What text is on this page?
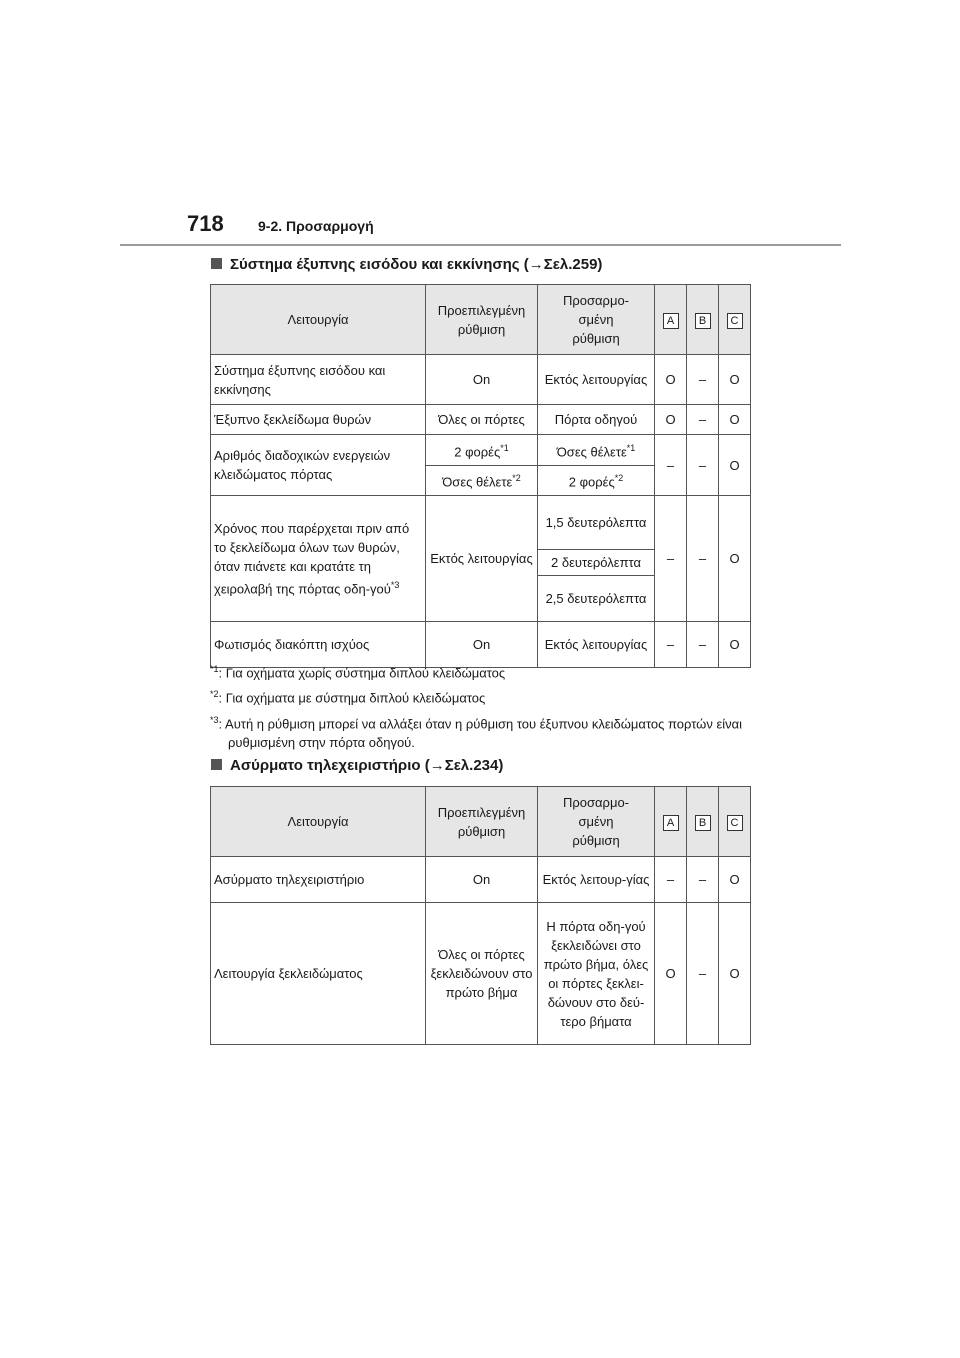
718 9-2. Προσαρμογή
Σύστημα έξυπνης εισόδου και εκκίνησης (→Σελ.259)
Λειτουργία	Προεπιλεγμένη ρύθμιση	Προσαρμο-
σμένη
ρύθμιση	A	B	C
Σύστημα έξυπνης εισόδου και εκκίνησης	On	Εκτός λειτουργίας	O	–	O
Έξυπνο ξεκλείδωμα θυρών	Όλες οι πόρτες	Πόρτα οδηγού	O	–	O
Αριθμός διαδοχικών ενεργειών κλειδώματος πόρτας	2 φορές$^{*1}$	Όσες θέλετε$^{*1}$	–	–	O
	Όσες θέλετε$^{*2}$	2 φορές$^{*2}$
Χρόνος που παρέρχεται πριν από το ξεκλείδωμα όλων των θυρών, όταν πιάνετε και κρατάτε τη χειρολαβή της πόρτας οδη-γού$^{*3}$	Εκτός λειτουργίας	1,5 δευτερόλεπτα	–	–	O
		2 δευτερόλεπτα			
		2,5 δευτερόλεπτα			
Φωτισμός διακόπτη ισχύος	On	Εκτός λειτουργίας	–	–	O

$^{*1}$: Για οχήματα χωρίς σύστημα διπλού κλειδώματος

$^{*2}$: Για οχήματα με σύστημα διπλού κλειδώματος

$^{*3}$: Αυτή η ρύθμιση μπορεί να αλλάξει όταν η ρύθμιση του έξυπνου κλειδώματος πορτών είναι ρυθμισμένη στην πόρτα οδηγού.

Ασύρματο τηλεχειριστήριο (→Σελ.234)
Λειτουργία	Προεπιλεγμένη ρύθμιση	Προσαρμο-
σμένη
ρύθμιση	A	B	C
Ασύρματο τηλεχειριστήριο	On	Εκτός λειτουρ-γίας	–	–	O
Λειτουργία ξεκλειδώματος	Όλες οι πόρτες ξεκλειδώνουν στο πρώτο βήμα	Η πόρτα οδη-γού ξεκλειδώνει στο πρώτο βήμα, όλες οι πόρτες ξεκλει-δώνουν στο δεύ-τερο βήματα	O	–	O
